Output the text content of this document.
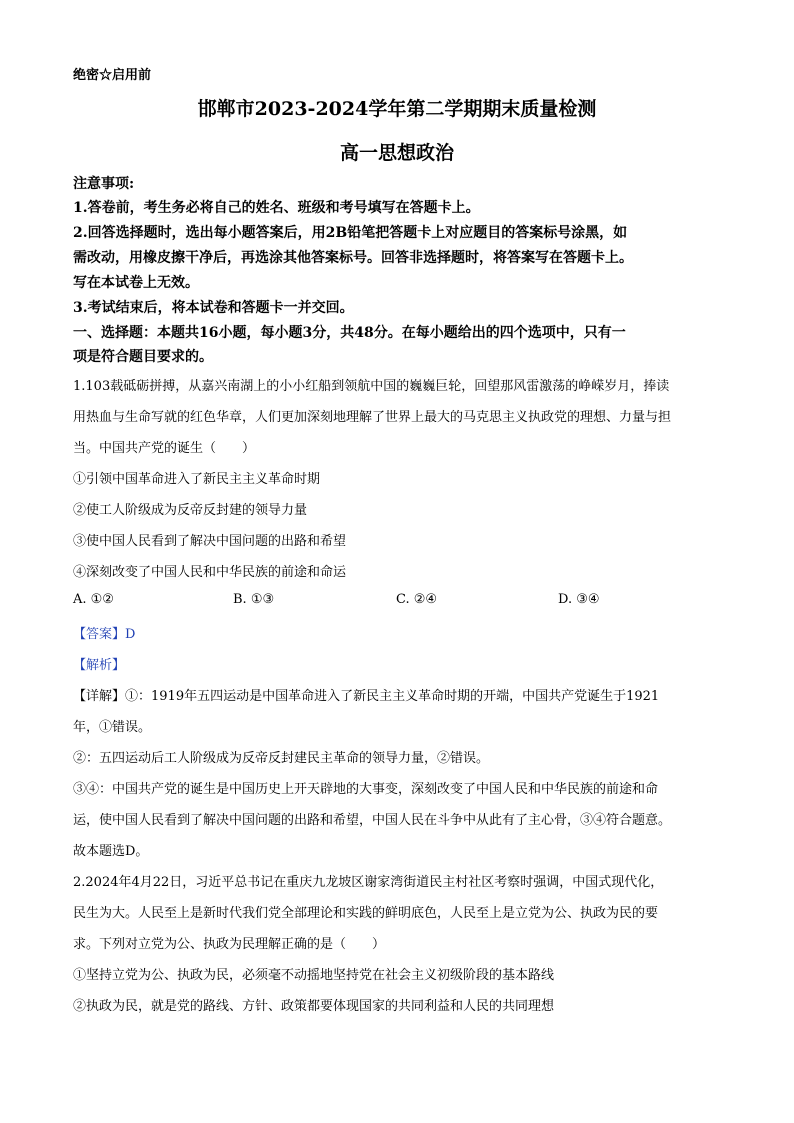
绝密☆启用前
邯郸市2023-2024学年第二学期期末质量检测
高一思想政治
注意事项:
1.答卷前，考生务必将自己的姓名、班级和考号填写在答题卡上。
2.回答选择题时，选出每小题答案后，用2B铅笔把答题卡上对应题目的答案标号涂黑，如
需改动，用橡皮擦干净后，再选涂其他答案标号。回答非选择题时，将答案写在答题卡上。
写在本试卷上无效。
3.考试结束后，将本试卷和答题卡一并交回。
一、选择题：本题共16小题，每小题3分，共48分。在每小题给出的四个选项中，只有一
项是符合题目要求的。
1.103载砥砺拼搏，从嘉兴南湖上的小小红船到领航中国的巍巍巨轮，回望那风雷激荡的峥嵘岁月，捧读
用热血与生命写就的红色华章，人们更加深刻地理解了世界上最大的马克思主义执政党的理想、力量与担
当。中国共产党的诞生（　　）
①引领中国革命进入了新民主主义革命时期
②使工人阶级成为反帝反封建的领导力量
③使中国人民看到了解决中国问题的出路和希望
④深刻改变了中国人民和中华民族的前途和命运
A. ①②	B. ①③	C. ②④	D. ③④
【答案】D
【解析】
【详解】①：1919年五四运动是中国革命进入了新民主主义革命时期的开端，中国共产党诞生于1921
年，①错误。
②：五四运动后工人阶级成为反帝反封建民主革命的领导力量，②错误。
③④：中国共产党的诞生是中国历史上开天辟地的大事变，深刻改变了中国人民和中华民族的前途和命
运，使中国人民看到了解决中国问题的出路和希望，中国人民在斗争中从此有了主心骨，③④符合题意。
故本题选D。
2.2024年4月22日，习近平总书记在重庆九龙坡区谢家湾街道民主村社区考察时强调，中国式现代化，
民生为大。人民至上是新时代我们党全部理论和实践的鲜明底色，人民至上是立党为公、执政为民的要
求。下列对立党为公、执政为民理解正确的是（　　）
①坚持立党为公、执政为民，必须毫不动摇地坚持党在社会主义初级阶段的基本路线
②执政为民，就是党的路线、方针、政策都要体现国家的共同利益和人民的共同理想
